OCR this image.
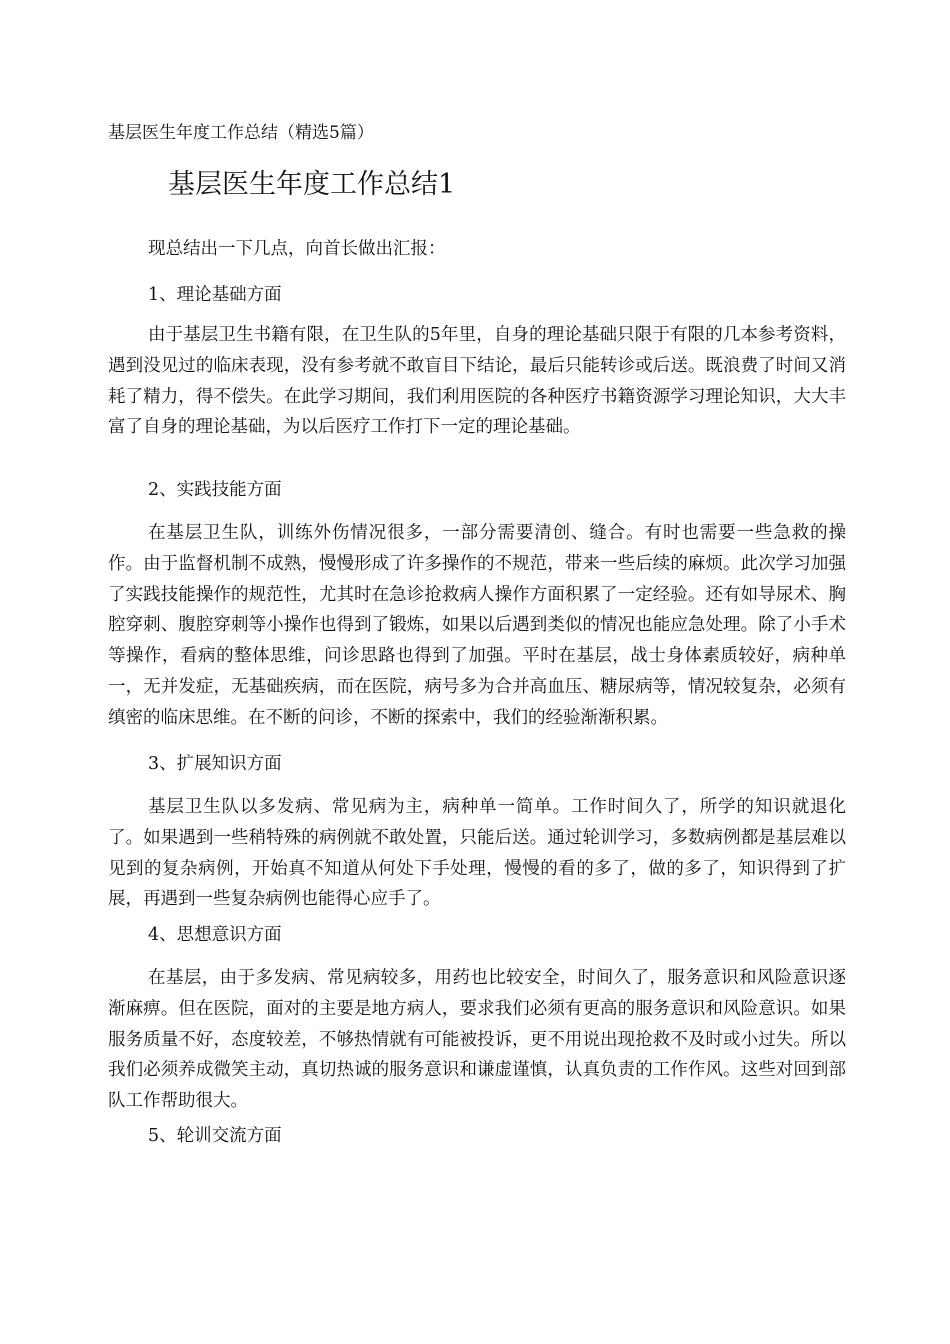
基层医生年度工作总结（精选5篇）
基层医生年度工作总结1
现总结出一下几点，向首长做出汇报：
1、理论基础方面

由于基层卫生书籍有限，在卫生队的5年里，自身的理论基础只限于有限的几本参考资料，遇到没见过的临床表现，没有参考就不敢盲目下结论，最后只能转诊或后送。既浪费了时间又消耗了精力，得不偿失。在此学习期间，我们利用医院的各种医疗书籍资源学习理论知识，大大丰富了自身的理论基础，为以后医疗工作打下一定的理论基础。

2、实践技能方面

在基层卫生队，训练外伤情况很多，一部分需要清创、缝合。有时也需要一些急救的操作。由于监督机制不成熟，慢慢形成了许多操作的不规范，带来一些后续的麻烦。此次学习加强了实践技能操作的规范性，尤其时在急诊抢救病人操作方面积累了一定经验。还有如导尿术、胸腔穿刺、腹腔穿刺等小操作也得到了锻炼，如果以后遇到类似的情况也能应急处理。除了小手术等操作，看病的整体思维，问诊思路也得到了加强。平时在基层，战士身体素质较好，病种单一，无并发症，无基础疾病，而在医院，病号多为合并高血压、糖尿病等，情况较复杂，必须有缜密的临床思维。在不断的问诊，不断的探索中，我们的经验渐渐积累。

3、扩展知识方面

基层卫生队以多发病、常见病为主，病种单一简单。工作时间久了，所学的知识就退化了。如果遇到一些稍特殊的病例就不敢处置，只能后送。通过轮训学习，多数病例都是基层难以见到的复杂病例，开始真不知道从何处下手处理，慢慢的看的多了，做的多了，知识得到了扩展，再遇到一些复杂病例也能得心应手了。

4、思想意识方面

在基层，由于多发病、常见病较多，用药也比较安全，时间久了，服务意识和风险意识逐渐麻痹。但在医院，面对的主要是地方病人，要求我们必须有更高的服务意识和风险意识。如果服务质量不好，态度较差，不够热情就有可能被投诉，更不用说出现抢救不及时或小过失。所以我们必须养成微笑主动，真切热诚的服务意识和谦虚谨慎，认真负责的工作作风。这些对回到部队工作帮助很大。

5、轮训交流方面
